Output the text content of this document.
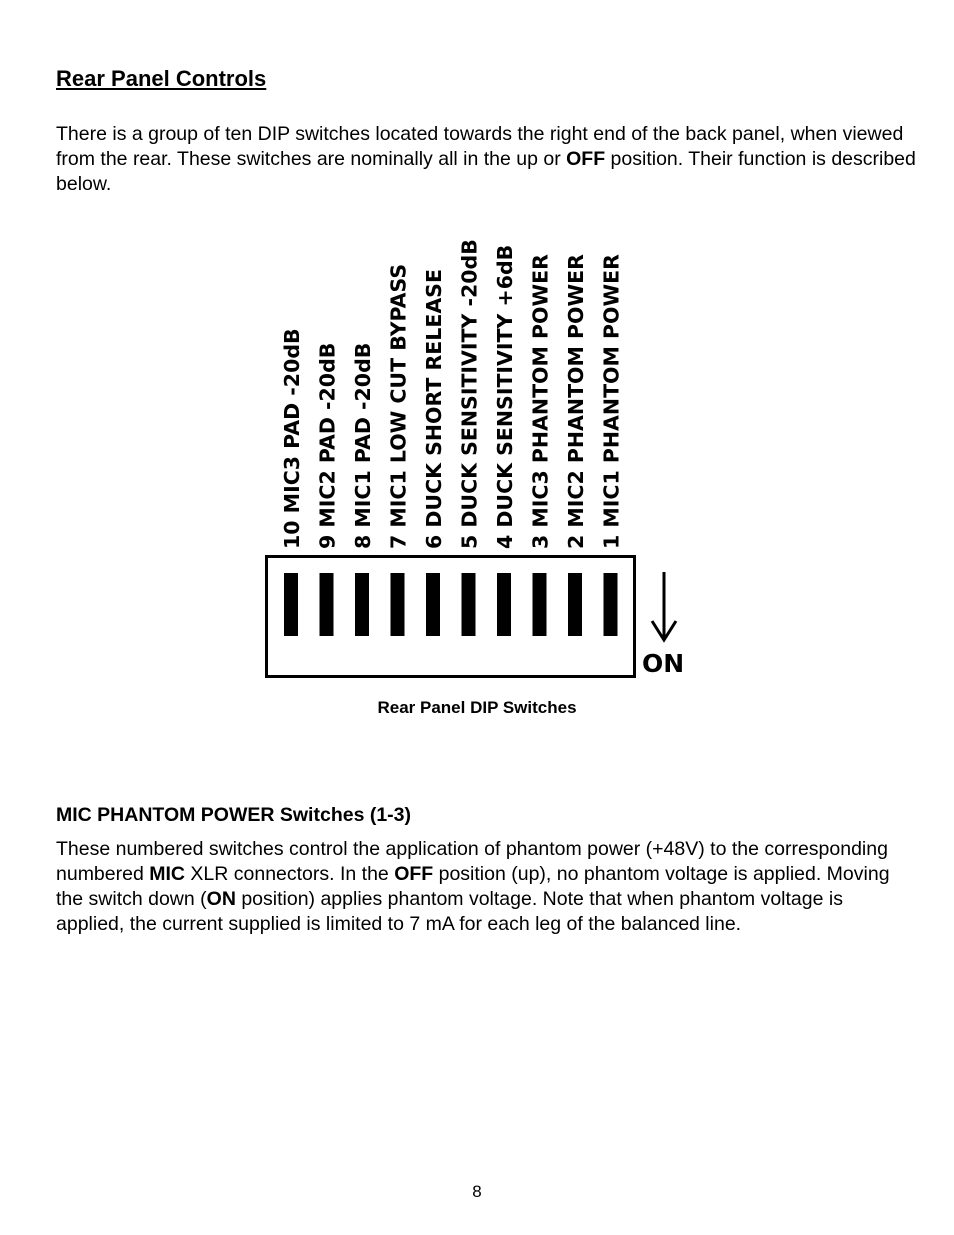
Rear Panel Controls

There is a group of ten DIP switches located towards the right end of the back panel, when viewed from the rear. These switches are nominally all in the up or OFF position. Their function is described below.

10 MIC3 PAD -20dB 9 MIC2 PAD -20dB 8 MIC1 PAD -20dB 7 MIC1 LOW CUT BYPASS 6 DUCK SHORT RELEASE 5 DUCK SENSITIVITY -20dB 4 DUCK SENSITIVITY +6dB 3 MIC3 PHANTOM POWER 2 MIC2 PHANTOM POWER 1 MIC1 PHANTOM POWER
ON

Rear Panel DIP Switches

MIC PHANTOM POWER Switches (1-3)

These numbered switches control the application of phantom power (+48V) to the corresponding numbered MIC XLR connectors. In the OFF position (up), no phantom voltage is applied. Moving the switch down (ON position) applies phantom voltage. Note that when phantom voltage is applied, the current supplied is limited to 7 mA for each leg of the balanced line.

8
